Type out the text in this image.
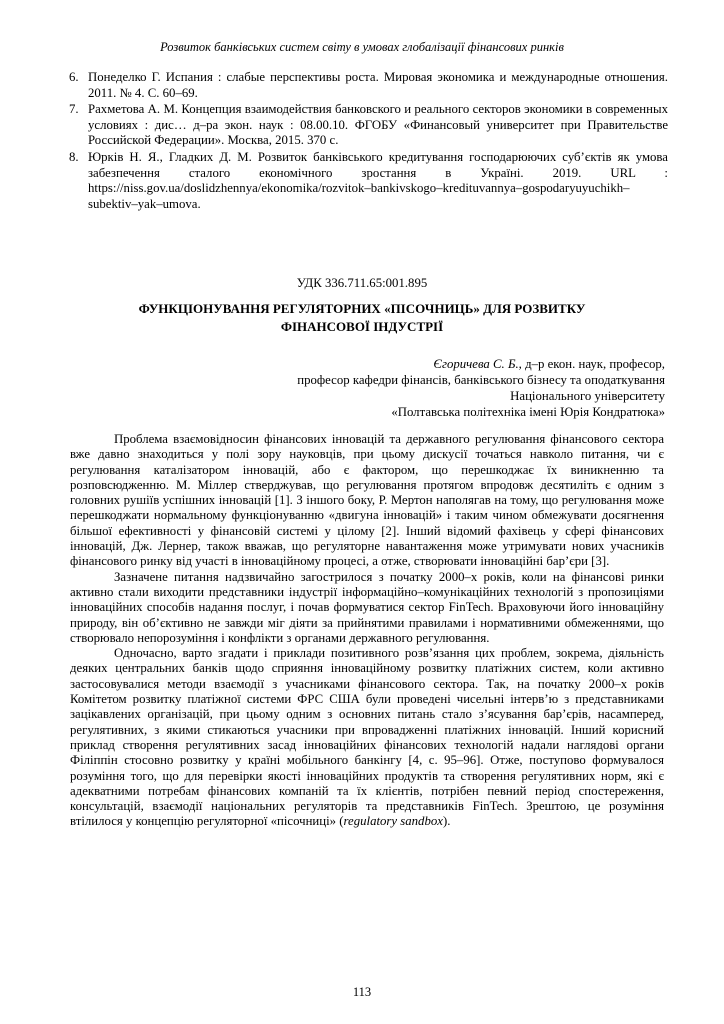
Розвиток банківських систем світу в умовах глобалізації фінансових ринків
6. Понеделко Г. Испания : слабые перспективы роста. Мировая экономика и международные отношения. 2011. № 4. С. 60–69.
7. Рахметова А. М. Концепция взаимодействия банковского и реального секторов экономики в современных условиях : дис… д–ра экон. наук : 08.00.10. ФГОБУ «Финансовый университет при Правительстве Российской Федерации». Москва, 2015. 370 с.
8. Юрків Н. Я., Гладких Д. М. Розвиток банківського кредитування господарюючих суб’єктів як умова забезпечення сталого економічного зростання в Україні. 2019. URL : https://niss.gov.ua/doslidzhennya/ekonomika/rozvitok–bankivskogo–kredituvannya–gospodaryuyuchikh–subektiv–yak–umova.
УДК 336.711.65:001.895
ФУНКЦІОНУВАННЯ РЕГУЛЯТОРНИХ «ПІСОЧНИЦЬ» ДЛЯ РОЗВИТКУ ФІНАНСОВОЇ ІНДУСТРІЇ
Єгоричева С. Б., д–р екон. наук, професор,
професор кафедри фінансів, банківського бізнесу та оподаткування
Національного університету
«Полтавська політехніка імені Юрія Кондратюка»

Проблема взаємовідносин фінансових інновацій та державного регулювання фінансового сектора вже давно знаходиться у полі зору науковців, при цьому дискусії точаться навколо питання, чи є регулювання каталізатором інновацій, або є фактором, що перешкоджає їх виникненню та розповсюдженню. М. Міллер стверджував, що регулювання протягом впродовж десятиліть є одним з головних рушіїв успішних інновацій [1]. З іншого боку, Р. Мертон наполягав на тому, що регулювання може перешкоджати нормальному функціонуванню «двигуна інновацій» і таким чином обмежувати досягнення більшої ефективності у фінансовій системі у цілому [2]. Інший відомий фахівець у сфері фінансових інновацій, Дж. Лернер, також вважав, що регуляторне навантаження може утримувати нових учасників фінансового ринку від участі в інноваційному процесі, а отже, створювати інноваційні бар’єри [3].

Зазначене питання надзвичайно загострилося з початку 2000–х років, коли на фінансові ринки активно стали виходити представники індустрії інформаційно–комунікаційних технологій з пропозиціями інноваційних способів надання послуг, і почав формуватися сектор FinTech. Враховуючи його інноваційну природу, він об’єктивно не завжди міг діяти за прийнятими правилами і нормативними обмеженнями, що створювало непорозуміння і конфлікти з органами державного регулювання.

Одночасно, варто згадати і приклади позитивного розв’язання цих проблем, зокрема, діяльність деяких центральних банків щодо сприяння інноваційному розвитку платіжних систем, коли активно застосовувалися методи взаємодії з учасниками фінансового сектора. Так, на початку 2000–х років Комітетом розвитку платіжної системи ФРС США були проведені чисельні інтерв’ю з представниками зацікавлених організацій, при цьому одним з основних питань стало з’ясування бар’єрів, насамперед, регулятивних, з якими стикаються учасники при впровадженні платіжних інновацій. Інший корисний приклад створення регулятивних засад інноваційних фінансових технологій надали наглядові органи Філіппін стосовно розвитку у країні мобільного банкінгу [4, с. 95–96]. Отже, поступово формувалося розуміння того, що для перевірки якості інноваційних продуктів та створення регулятивних норм, які є адекватними потребам фінансових компаній та їх клієнтів, потрібен певний період спостереження, консультацій, взаємодії національних регуляторів та представників FinTech. Зрештою, це розуміння втілилося у концепцію регуляторної «пісочниці» (regulatory sandbox).

113
